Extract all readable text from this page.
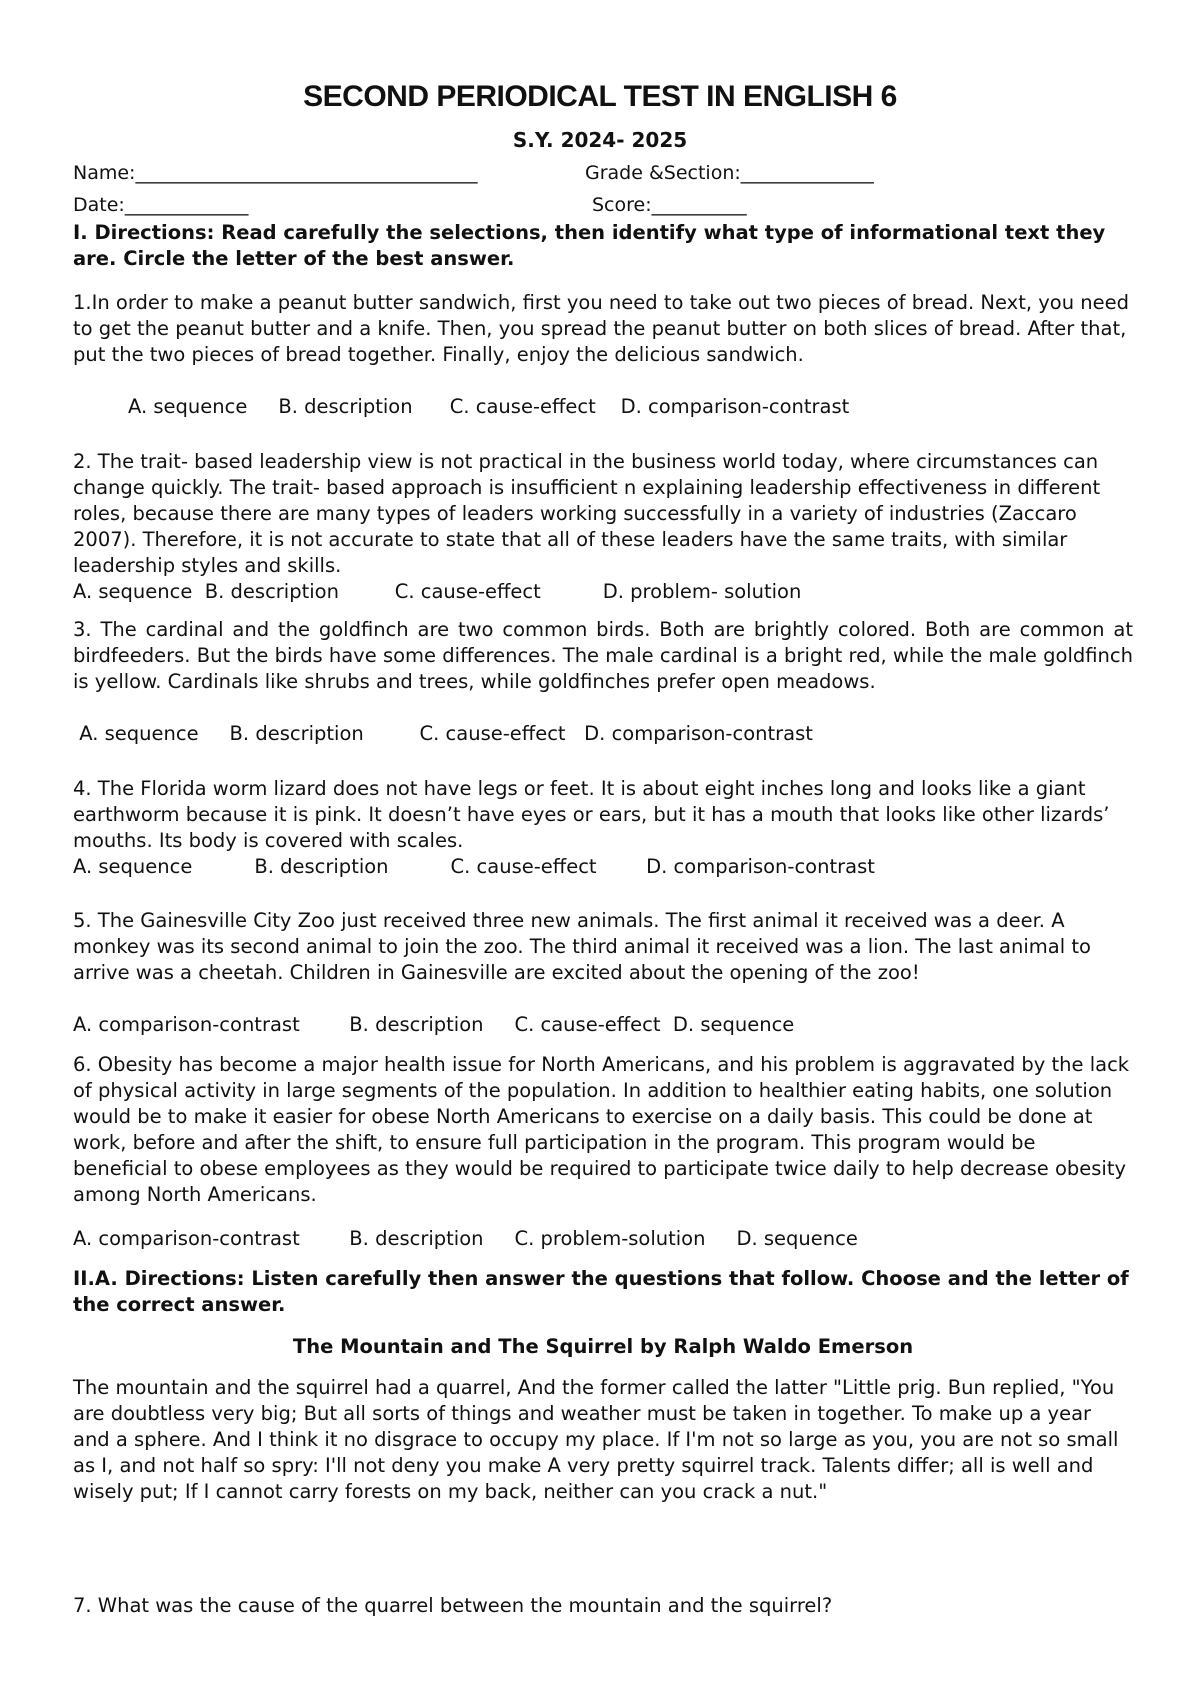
SECOND PERIODICAL TEST IN ENGLISH 6
S.Y. 2024- 2025
Name:____________________________________	Grade &Section:______________
Date:_____________	Score:__________
I. Directions: Read carefully the selections, then identify what type of informational text they are. Circle the letter of the best answer.
1.In order to make a peanut butter sandwich, first you need to take out two pieces of bread. Next, you need to get the peanut butter and a knife. Then, you spread the peanut butter on both slices of bread. After that, put the two pieces of bread together. Finally, enjoy the delicious sandwich.
A. sequence     B. description      C. cause-effect    D. comparison-contrast
2. The trait- based leadership view is not practical in the business world today, where circumstances can change quickly. The trait- based approach is insufficient n explaining leadership effectiveness in different roles, because there are many types of leaders working successfully in a variety of industries (Zaccaro 2007). Therefore, it is not accurate to state that all of these leaders have the same traits, with similar leadership styles and skills.
A. sequence  B. description         C. cause-effect          D. problem- solution
3. The cardinal and the goldfinch are two common birds. Both are brightly colored. Both are common at birdfeeders. But the birds have some differences. The male cardinal is a bright red, while the male goldfinch is yellow. Cardinals like shrubs and trees, while goldfinches prefer open meadows.
A. sequence     B. description         C. cause-effect   D. comparison-contrast
4. The Florida worm lizard does not have legs or feet. It is about eight inches long and looks like a giant earthworm because it is pink. It doesn’t have eyes or ears, but it has a mouth that looks like other lizards’ mouths. Its body is covered with scales.
A. sequence          B. description          C. cause-effect        D. comparison-contrast
5. The Gainesville City Zoo just received three new animals. The first animal it received was a deer. A monkey was its second animal to join the zoo. The third animal it received was a lion. The last animal to arrive was a cheetah. Children in Gainesville are excited about the opening of the zoo!
A. comparison-contrast        B. description     C. cause-effect  D. sequence
6. Obesity has become a major health issue for North Americans, and his problem is aggravated by the lack of physical activity in large segments of the population. In addition to healthier eating habits, one solution would be to make it easier for obese North Americans to exercise on a daily basis. This could be done at work, before and after the shift, to ensure full participation in the program. This program would be beneficial to obese employees as they would be required to participate twice daily to help decrease obesity among North Americans.
A. comparison-contrast        B. description     C. problem-solution     D. sequence
II.A. Directions: Listen carefully then answer the questions that follow. Choose and the letter of the correct answer.
The Mountain and The Squirrel by Ralph Waldo Emerson
The mountain and the squirrel had a quarrel, And the former called the latter "Little prig. Bun replied, "You are doubtless very big; But all sorts of things and weather must be taken in together. To make up a year and a sphere. And I think it no disgrace to occupy my place. If I'm not so large as you, you are not so small as I, and not half so spry: I'll not deny you make A very pretty squirrel track. Talents differ; all is well and wisely put; If I cannot carry forests on my back, neither can you crack a nut."
7. What was the cause of the quarrel between the mountain and the squirrel?
